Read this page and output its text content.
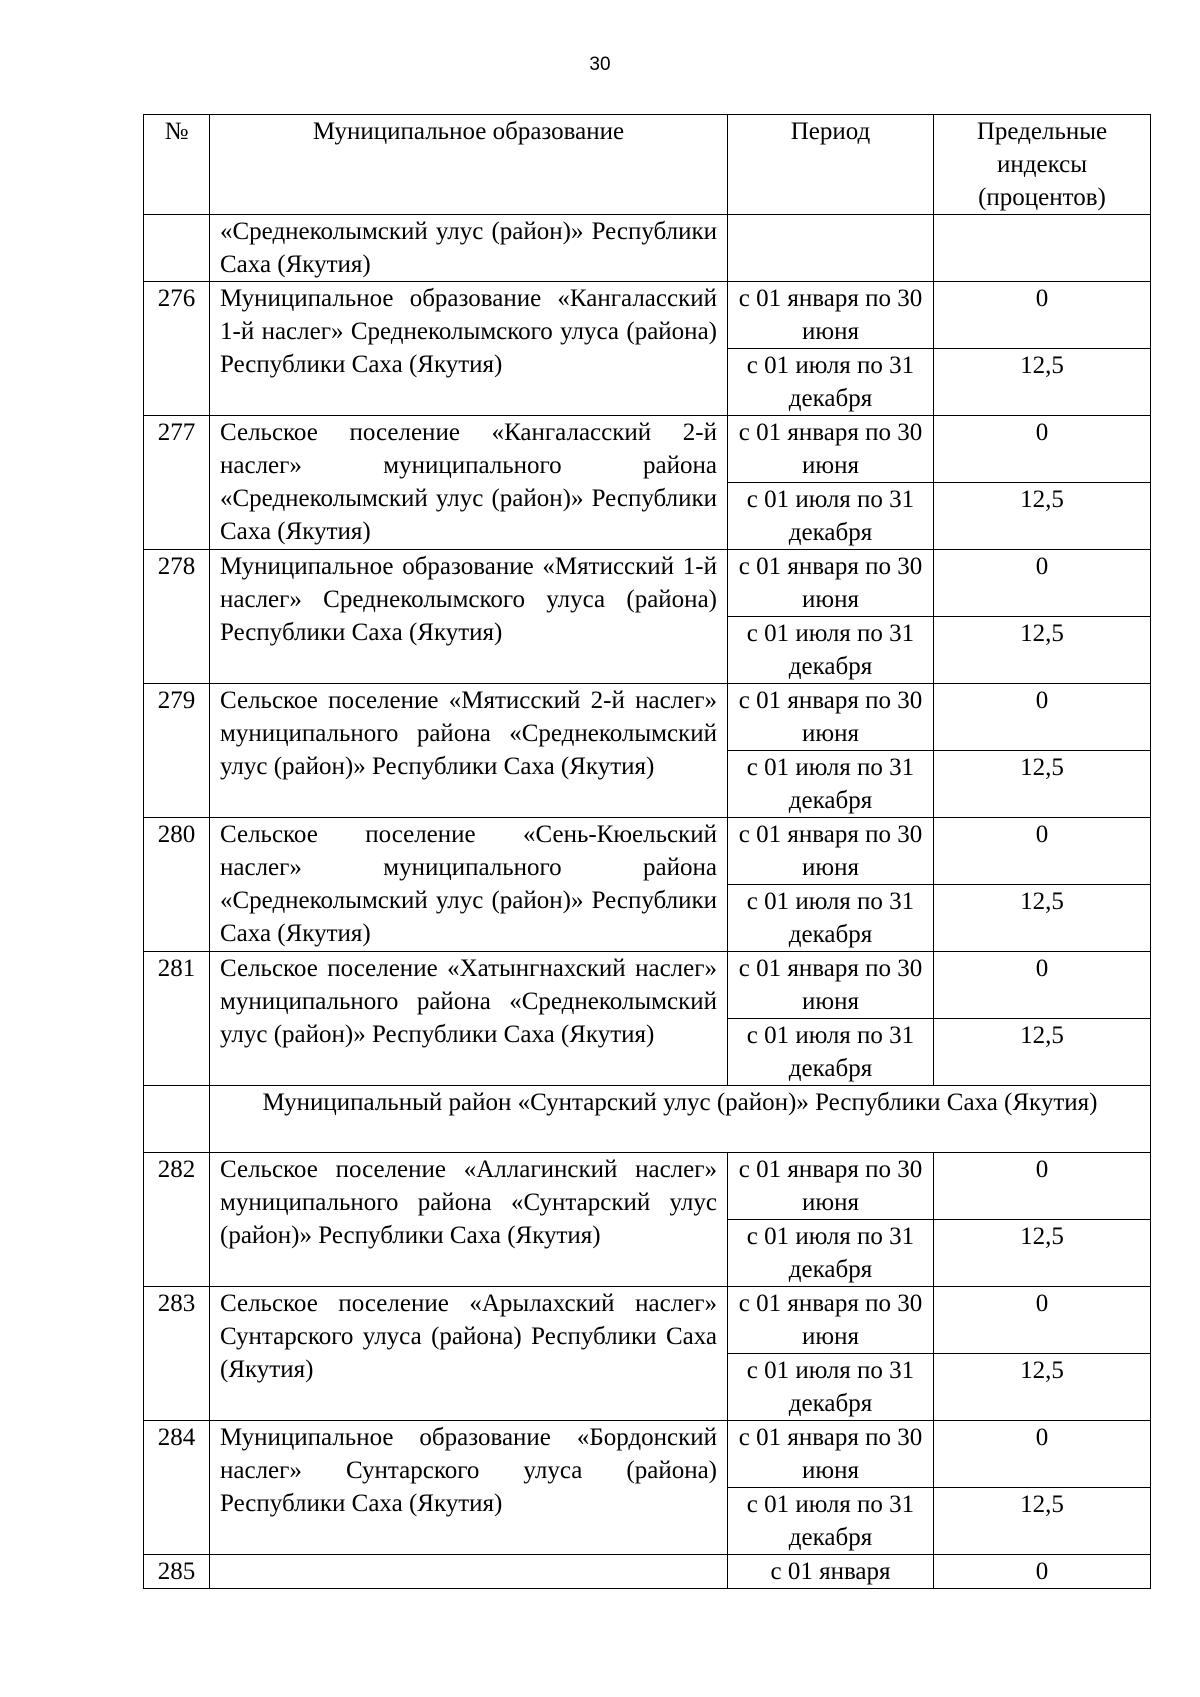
30
№	Муниципальное образование	Период	Предельные индексы (процентов)
	«Среднеколымский улус (район)» Республики Саха (Якутия)		
276	Муниципальное образование «Кангаласский 1-й наслег» Среднеколымского улуса (района) Республики Саха (Якутия)	с 01 января по 30 июня	0
		с 01 июля по 31 декабря	12,5
277	Сельское поселение «Кангаласский 2-й наслег» муниципального района «Среднеколымский улус (район)» Республики Саха (Якутия)	с 01 января по 30 июня	0
		с 01 июля по 31 декабря	12,5
278	Муниципальное образование «Мятисский 1-й наслег» Среднеколымского улуса (района) Республики Саха (Якутия)	с 01 января по 30 июня	0
		с 01 июля по 31 декабря	12,5
279	Сельское поселение «Мятисский 2-й наслег» муниципального района «Среднеколымский улус (район)» Республики Саха (Якутия)	с 01 января по 30 июня	0
		с 01 июля по 31 декабря	12,5
280	Сельское поселение «Сень-Кюельский наслег» муниципального района «Среднеколымский улус (район)» Республики Саха (Якутия)	с 01 января по 30 июня	0
		с 01 июля по 31 декабря	12,5
281	Сельское поселение «Хатынгнахский наслег» муниципального района «Среднеколымский улус (район)» Республики Саха (Якутия)	с 01 января по 30 июня	0
		с 01 июля по 31 декабря	12,5
	Муниципальный район «Сунтарский улус (район)» Республики Саха (Якутия)		
282	Сельское поселение «Аллагинский наслег» муниципального района «Сунтарский улус (район)» Республики Саха (Якутия)	с 01 января по 30 июня	0
		с 01 июля по 31 декабря	12,5
283	Сельское поселение «Арылахский наслег» Сунтарского улуса (района) Республики Саха (Якутия)	с 01 января по 30 июня	0
		с 01 июля по 31 декабря	12,5
284	Муниципальное образование «Бордонский наслег» Сунтарского улуса (района) Республики Саха (Якутия)	с 01 января по 30 июня	0
		с 01 июля по 31 декабря	12,5
285		с 01 января	0
